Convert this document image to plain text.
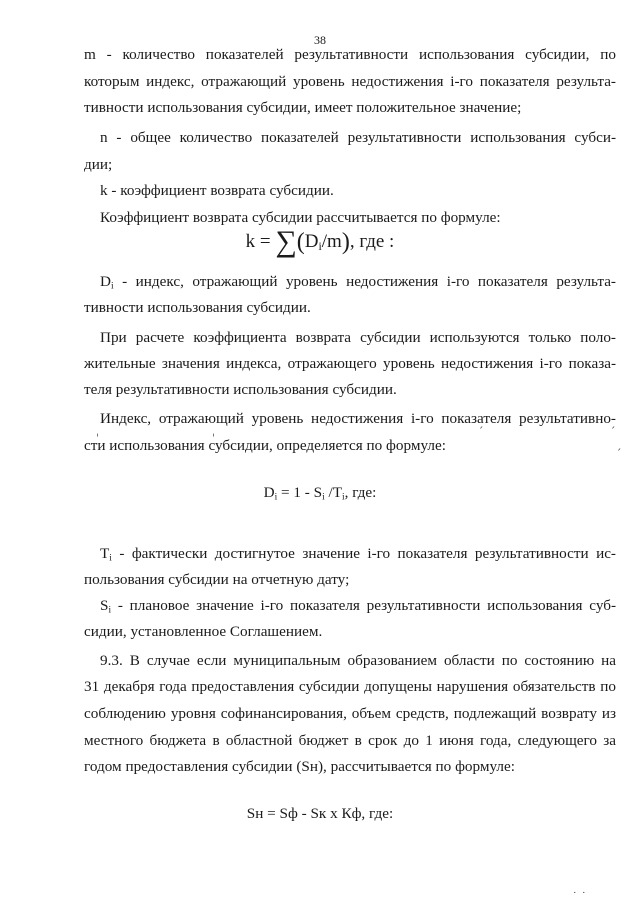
38
m - количество показателей результативности использования субсидии, по
которым индекс, отражающий уровень недостижения i-го показателя результа-
тивности использования субсидии, имеет положительное значение;
n - общее количество показателей результативности использования субси-
дии;
k - коэффициент возврата субсидии.
Коэффициент возврата субсидии рассчитывается по формуле:
$k = \sum(D_i/m)$, где :
$D_i$ - индекс, отражающий уровень недостижения i-го показателя результа-
тивности использования субсидии.
При расчете коэффициента возврата субсидии используются только поло-
жительные значения индекса, отражающего уровень недостижения i-го показа-
теля результативности использования субсидии.
Индекс, отражающий уровень недостижения i-го показателя результативно-
сти использования субсидии, определяется по формуле:
$D_i = 1 - S_i$ $/T_i$, где:
$T_i$ - фактически достигнутое значение i-го показателя результативности ис-
пользования субсидии на отчетную дату;
$S_i$ - плановое значение i-го показателя результативности использования суб-
сидии, установленное Соглашением.
9.3. В случае если муниципальным образованием области по состоянию на
31 декабря года предоставления субсидии допущены нарушения обязательств по
соблюдению уровня софинансирования, объем средств, подлежащий возврату из
местного бюджета в областной бюджет в срок до 1 июня года, следующего за
годом предоставления субсидии (Sн), рассчитывается по формуле:
Sн = Sф - Sк х Кф, где:
ˌ	ˌ	ˊ	ˊ
ˊ
˙ ˙
